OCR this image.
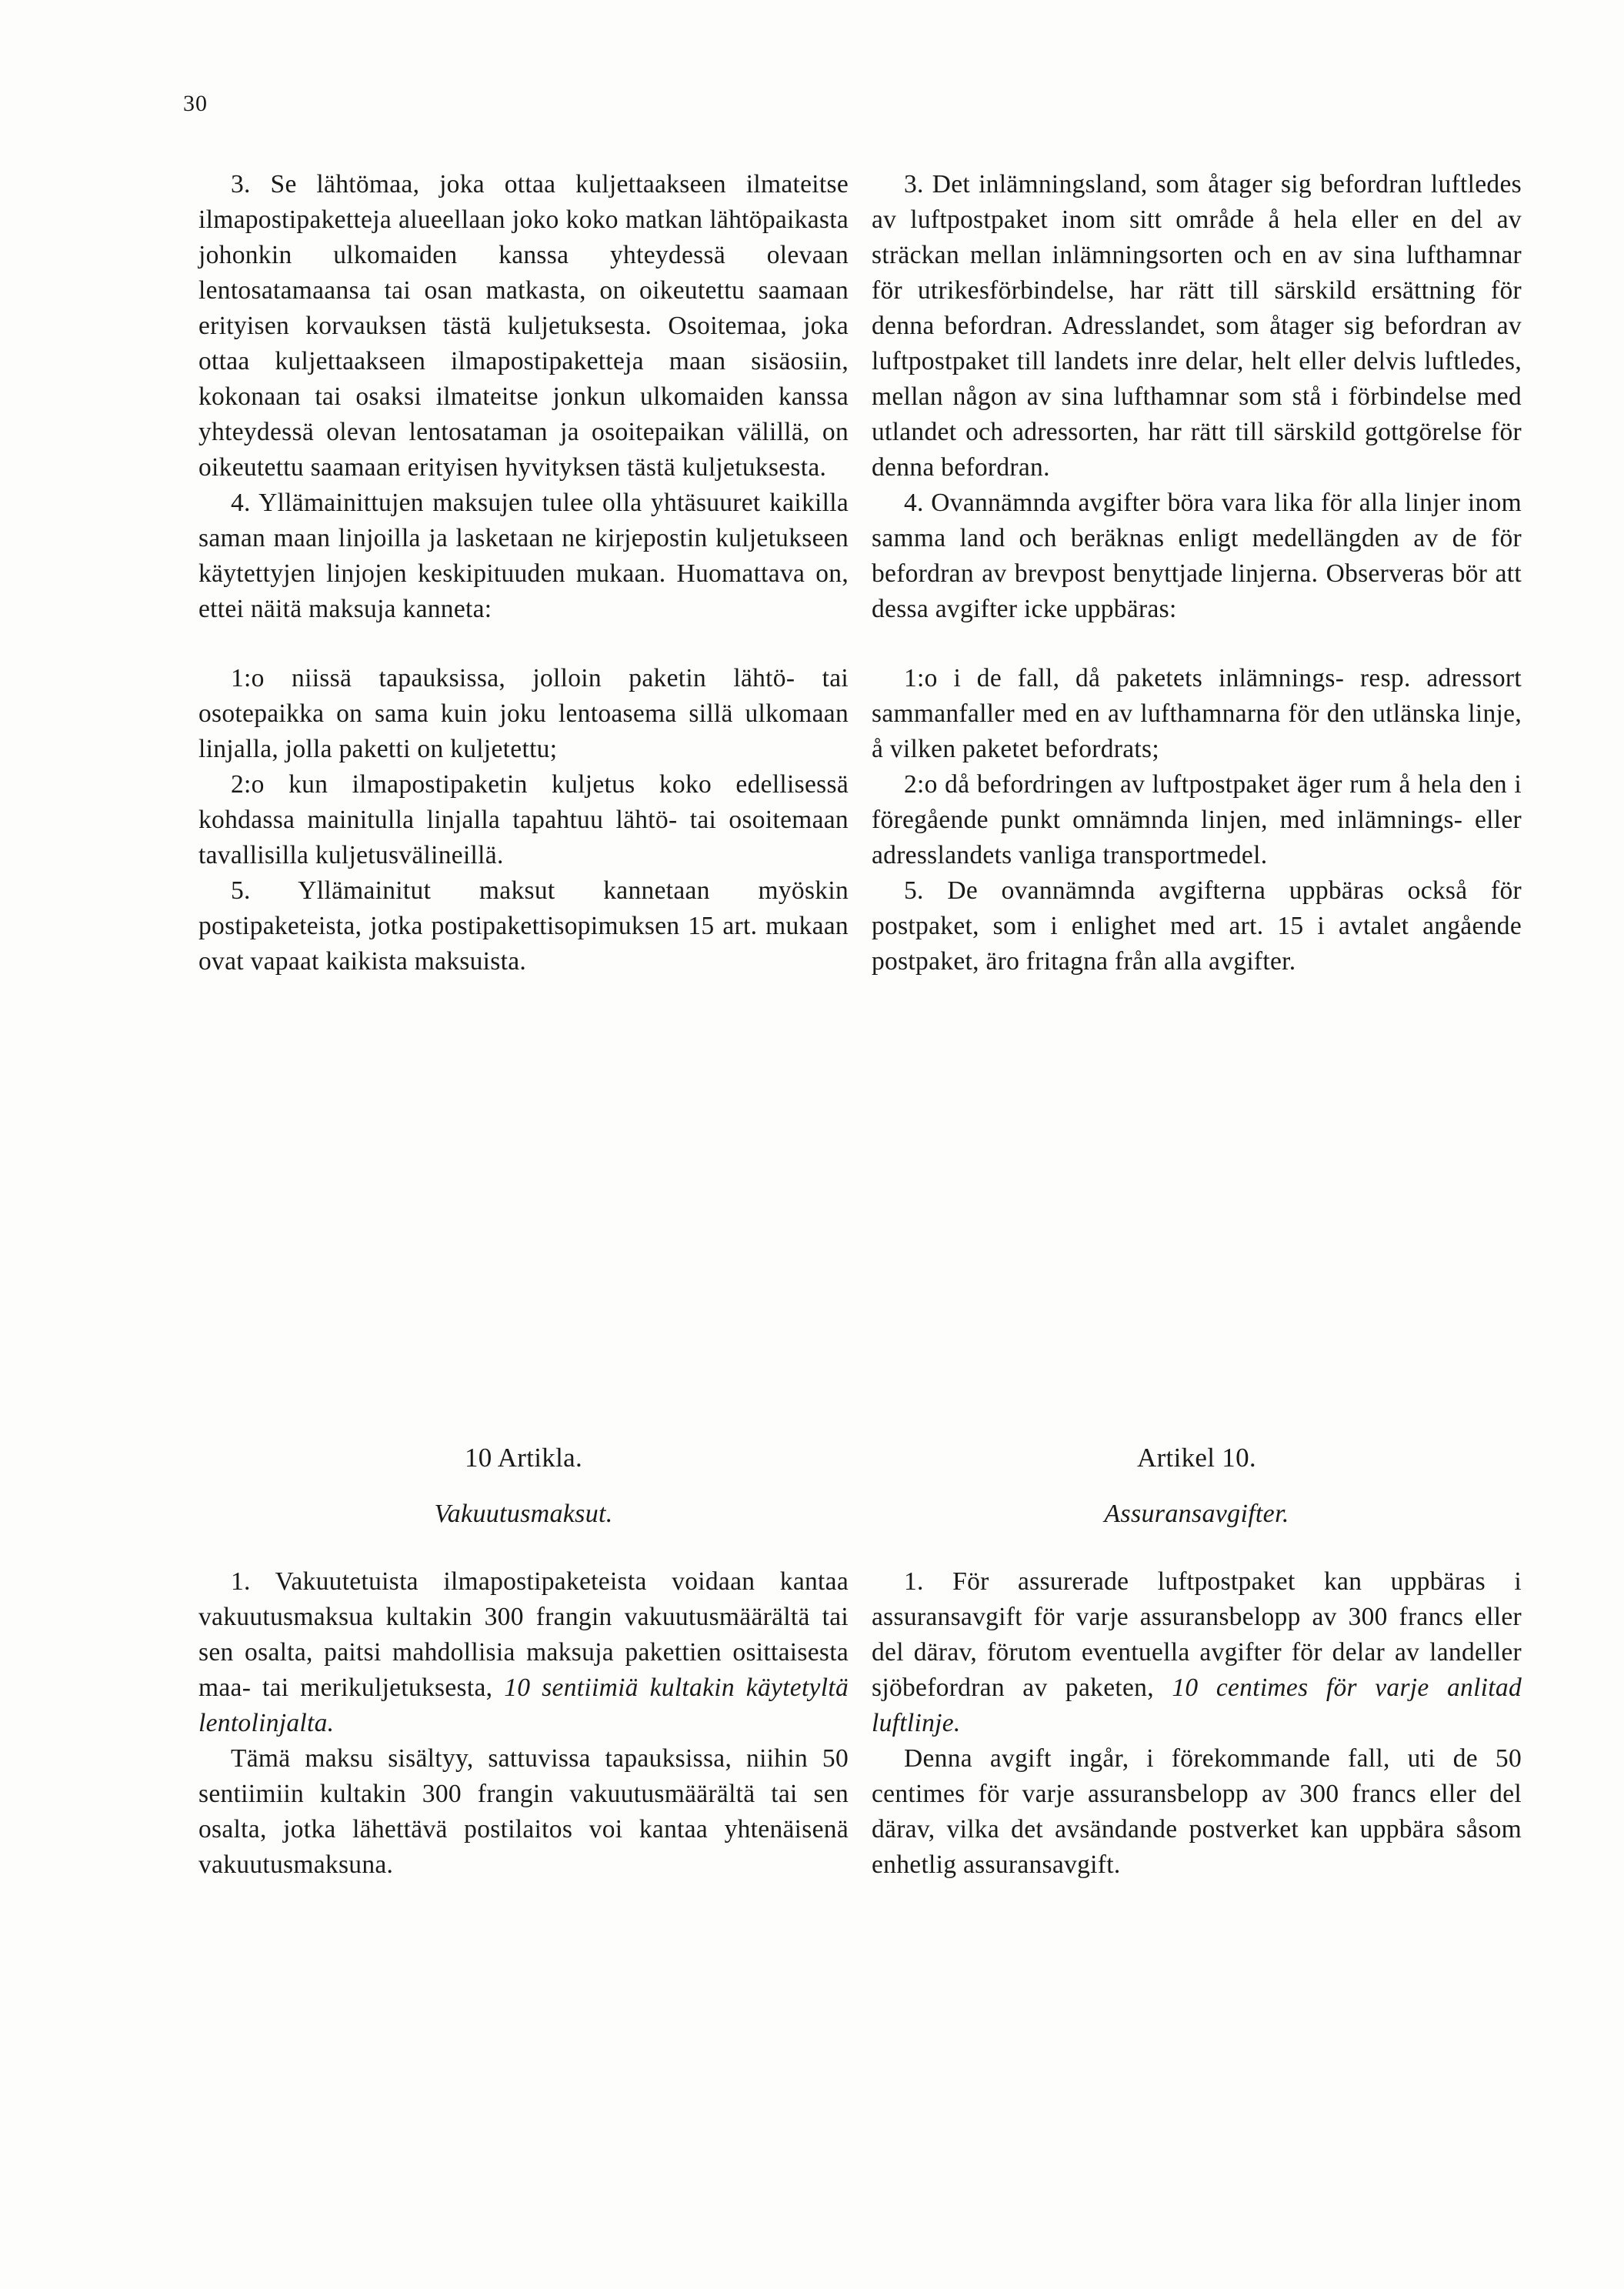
30

3. Se lähtömaa, joka ottaa kuljettaakseen ilmateitse ilmapostipaketteja alueellaan joko koko matkan lähtöpaikasta johonkin ulkomaiden kanssa yhteydessä olevaan lentosatamaansa tai osan matkasta, on oikeutettu saamaan erityisen korvauksen tästä kuljetuksesta. Osoitemaa, joka ottaa kuljettaakseen ilmapostipaketteja maan sisäosiin, kokonaan tai osaksi ilmateitse jonkun ulkomaiden kanssa yhteydessä olevan lentosataman ja osoitepaikan välillä, on oikeutettu saamaan erityisen hyvityksen tästä kuljetuksesta.

4. Yllämainittujen maksujen tulee olla yhtäsuuret kaikilla saman maan linjoilla ja lasketaan ne kirjepostin kuljetukseen käytettyjen linjojen keskipituuden mukaan. Huomattava on, ettei näitä maksuja kanneta:

1:o niissä tapauksissa, jolloin paketin lähtö- tai osotepaikka on sama kuin joku lentoasema sillä ulkomaan linjalla, jolla paketti on kuljetettu;

2:o kun ilmapostipaketin kuljetus koko edellisessä kohdassa mainitulla linjalla tapahtuu lähtö- tai osoitemaan tavallisilla kuljetusvälineillä.

5. Yllämainitut maksut kannetaan myöskin postipaketeista, jotka postipakettisopimuksen 15 art. mukaan ovat vapaat kaikista maksuista.

3. Det inlämningsland, som åtager sig befordran luftledes av luftpostpaket inom sitt område å hela eller en del av sträckan mellan inlämningsorten och en av sina lufthamnar för utrikesförbindelse, har rätt till särskild ersättning för denna befordran. Adresslandet, som åtager sig befordran av luftpostpaket till landets inre delar, helt eller delvis luftledes, mellan någon av sina lufthamnar som stå i förbindelse med utlandet och adressorten, har rätt till särskild gottgörelse för denna befordran.

4. Ovannämnda avgifter böra vara lika för alla linjer inom samma land och beräknas enligt medellängden av de för befordran av brevpost benyttjade linjerna. Observeras bör att dessa avgifter icke uppbäras:

1:o i de fall, då paketets inlämnings- resp. adressort sammanfaller med en av lufthamnarna för den utlänska linje, å vilken paketet befordrats;

2:o då befordringen av luftpostpaket äger rum å hela den i föregående punkt omnämnda linjen, med inlämnings- eller adresslandets vanliga transportmedel.

5. De ovannämnda avgifterna uppbäras också för postpaket, som i enlighet med art. 15 i avtalet angående postpaket, äro fritagna från alla avgifter.

10 Artikla.
Vakuutusmaksut.

1. Vakuutetuista ilmapostipaketeista voidaan kantaa vakuutusmaksua kultakin 300 frangin vakuutusmäärältä tai sen osalta, paitsi mahdollisia maksuja pakettien osittaisesta maa- tai merikuljetuksesta, 10 sentiimiä kultakin käytetyltä lentolinjalta.

Tämä maksu sisältyy, sattuvissa tapauksissa, niihin 50 sentiimiin kultakin 300 frangin vakuutusmäärältä tai sen osalta, jotka lähettävä postilaitos voi kantaa yhtenäisenä vakuutusmaksuna.

Artikel 10.
Assuransavgifter.

1. För assurerade luftpostpaket kan uppbäras i assuransavgift för varje assuransbelopp av 300 francs eller del därav, förutom eventuella avgifter för delar av landeller sjöbefordran av paketen, 10 centimes för varje anlitad luftlinje.

Denna avgift ingår, i förekommande fall, uti de 50 centimes för varje assuransbelopp av 300 francs eller del därav, vilka det avsändande postverket kan uppbära såsom enhetlig assuransavgift.
